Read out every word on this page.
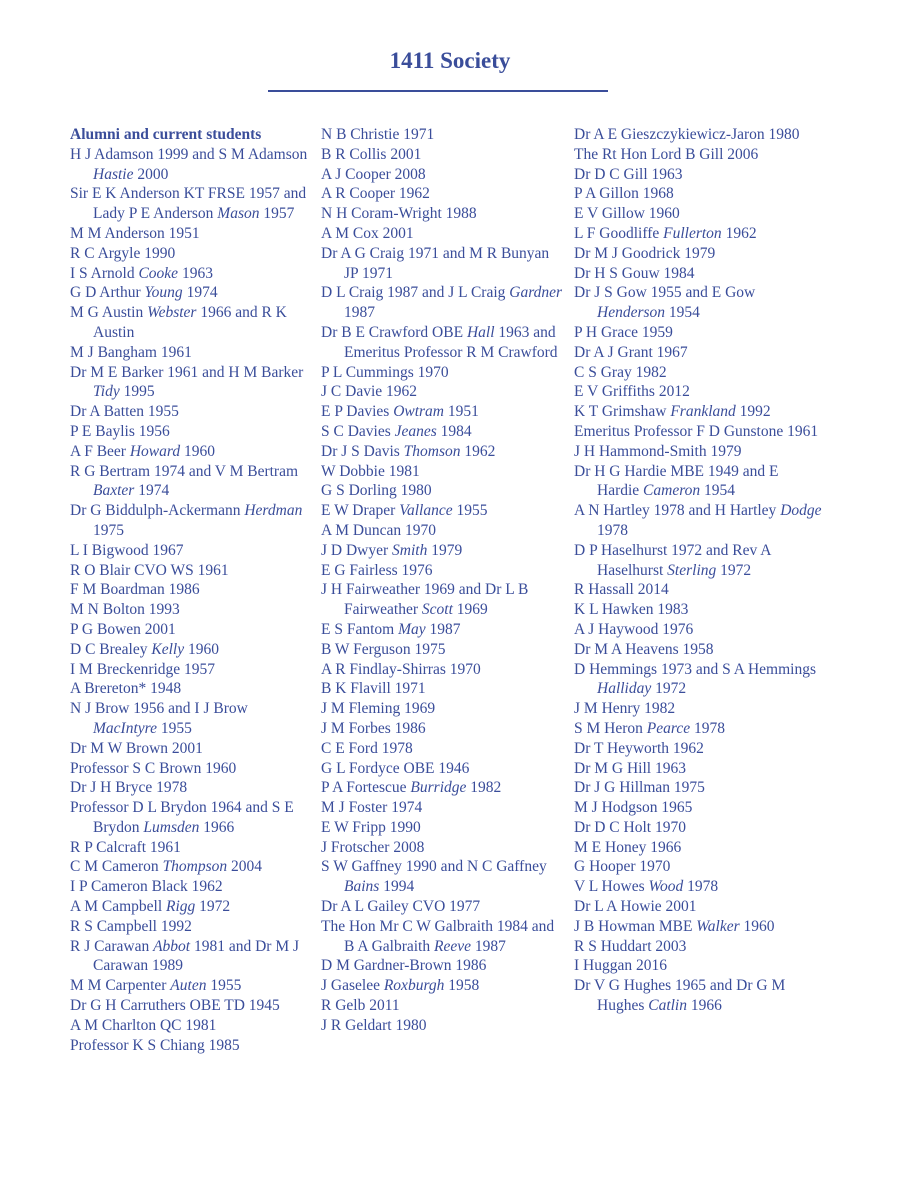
1411 Society
Alumni and current students
H J Adamson 1999 and S M Adamson Hastie 2000
Sir E K Anderson KT FRSE 1957 and Lady P E Anderson Mason 1957
M M Anderson 1951
R C Argyle 1990
I S Arnold Cooke 1963
G D Arthur Young 1974
M G Austin Webster 1966 and R K Austin
M J Bangham 1961
Dr M E Barker 1961 and H M Barker Tidy 1995
Dr A Batten 1955
P E Baylis 1956
A F Beer Howard 1960
R G Bertram 1974 and V M Bertram Baxter 1974
Dr G Biddulph-Ackermann Herdman 1975
L I Bigwood 1967
R O Blair CVO WS 1961
F M Boardman 1986
M N Bolton 1993
P G Bowen 2001
D C Brealey Kelly 1960
I M Breckenridge 1957
A Brereton* 1948
N J Brow 1956 and I J Brow MacIntyre 1955
Dr M W Brown 2001
Professor S C Brown 1960
Dr J H Bryce 1978
Professor D L Brydon 1964 and S E Brydon Lumsden 1966
R P Calcraft 1961
C M Cameron Thompson 2004
I P Cameron Black 1962
A M Campbell Rigg 1972
R S Campbell 1992
R J Carawan Abbot 1981 and Dr M J Carawan 1989
M M Carpenter Auten 1955
Dr G H Carruthers OBE TD 1945
A M Charlton QC 1981
Professor K S Chiang 1985
N B Christie 1971
B R Collis 2001
A J Cooper 2008
A R Cooper 1962
N H Coram-Wright 1988
A M Cox 2001
Dr A G Craig 1971 and M R Bunyan JP 1971
D L Craig 1987 and J L Craig Gardner 1987
Dr B E Crawford OBE Hall 1963 and Emeritus Professor R M Crawford
P L Cummings 1970
J C Davie 1962
E P Davies Owtram 1951
S C Davies Jeanes 1984
Dr J S Davis Thomson 1962
W Dobbie 1981
G S Dorling 1980
E W Draper Vallance 1955
A M Duncan 1970
J D Dwyer Smith 1979
E G Fairless 1976
J H Fairweather 1969 and Dr L B Fairweather Scott 1969
E S Fantom May 1987
B W Ferguson 1975
A R Findlay-Shirras 1970
B K Flavill 1971
J M Fleming 1969
J M Forbes 1986
C E Ford 1978
G L Fordyce OBE 1946
P A Fortescue Burridge 1982
M J Foster 1974
E W Fripp 1990
J Frotscher 2008
S W Gaffney 1990 and N C Gaffney Bains 1994
Dr A L Gailey CVO 1977
The Hon Mr C W Galbraith 1984 and B A Galbraith Reeve 1987
D M Gardner-Brown 1986
J Gaselee Roxburgh 1958
R Gelb 2011
J R Geldart 1980
Dr A E Gieszczykiewicz-Jaron 1980
The Rt Hon Lord B Gill 2006
Dr D C Gill 1963
P A Gillon 1968
E V Gillow 1960
L F Goodliffe Fullerton 1962
Dr M J Goodrick 1979
Dr H S Gouw 1984
Dr J S Gow 1955 and E Gow Henderson 1954
P H Grace 1959
Dr A J Grant 1967
C S Gray 1982
E V Griffiths 2012
K T Grimshaw Frankland 1992
Emeritus Professor F D Gunstone 1961
J H Hammond-Smith 1979
Dr H G Hardie MBE 1949 and E Hardie Cameron 1954
A N Hartley 1978 and H Hartley Dodge 1978
D P Haselhurst 1972 and Rev A Haselhurst Sterling 1972
R Hassall 2014
K L Hawken 1983
A J Haywood 1976
Dr M A Heavens 1958
D Hemmings 1973 and S A Hemmings Halliday 1972
J M Henry 1982
S M Heron Pearce 1978
Dr T Heyworth 1962
Dr M G Hill 1963
Dr J G Hillman 1975
M J Hodgson 1965
Dr D C Holt 1970
M E Honey 1966
G Hooper 1970
V L Howes Wood 1978
Dr L A Howie 2001
J B Howman MBE Walker 1960
R S Huddart 2003
I Huggan 2016
Dr V G Hughes 1965 and Dr G M Hughes Catlin 1966
